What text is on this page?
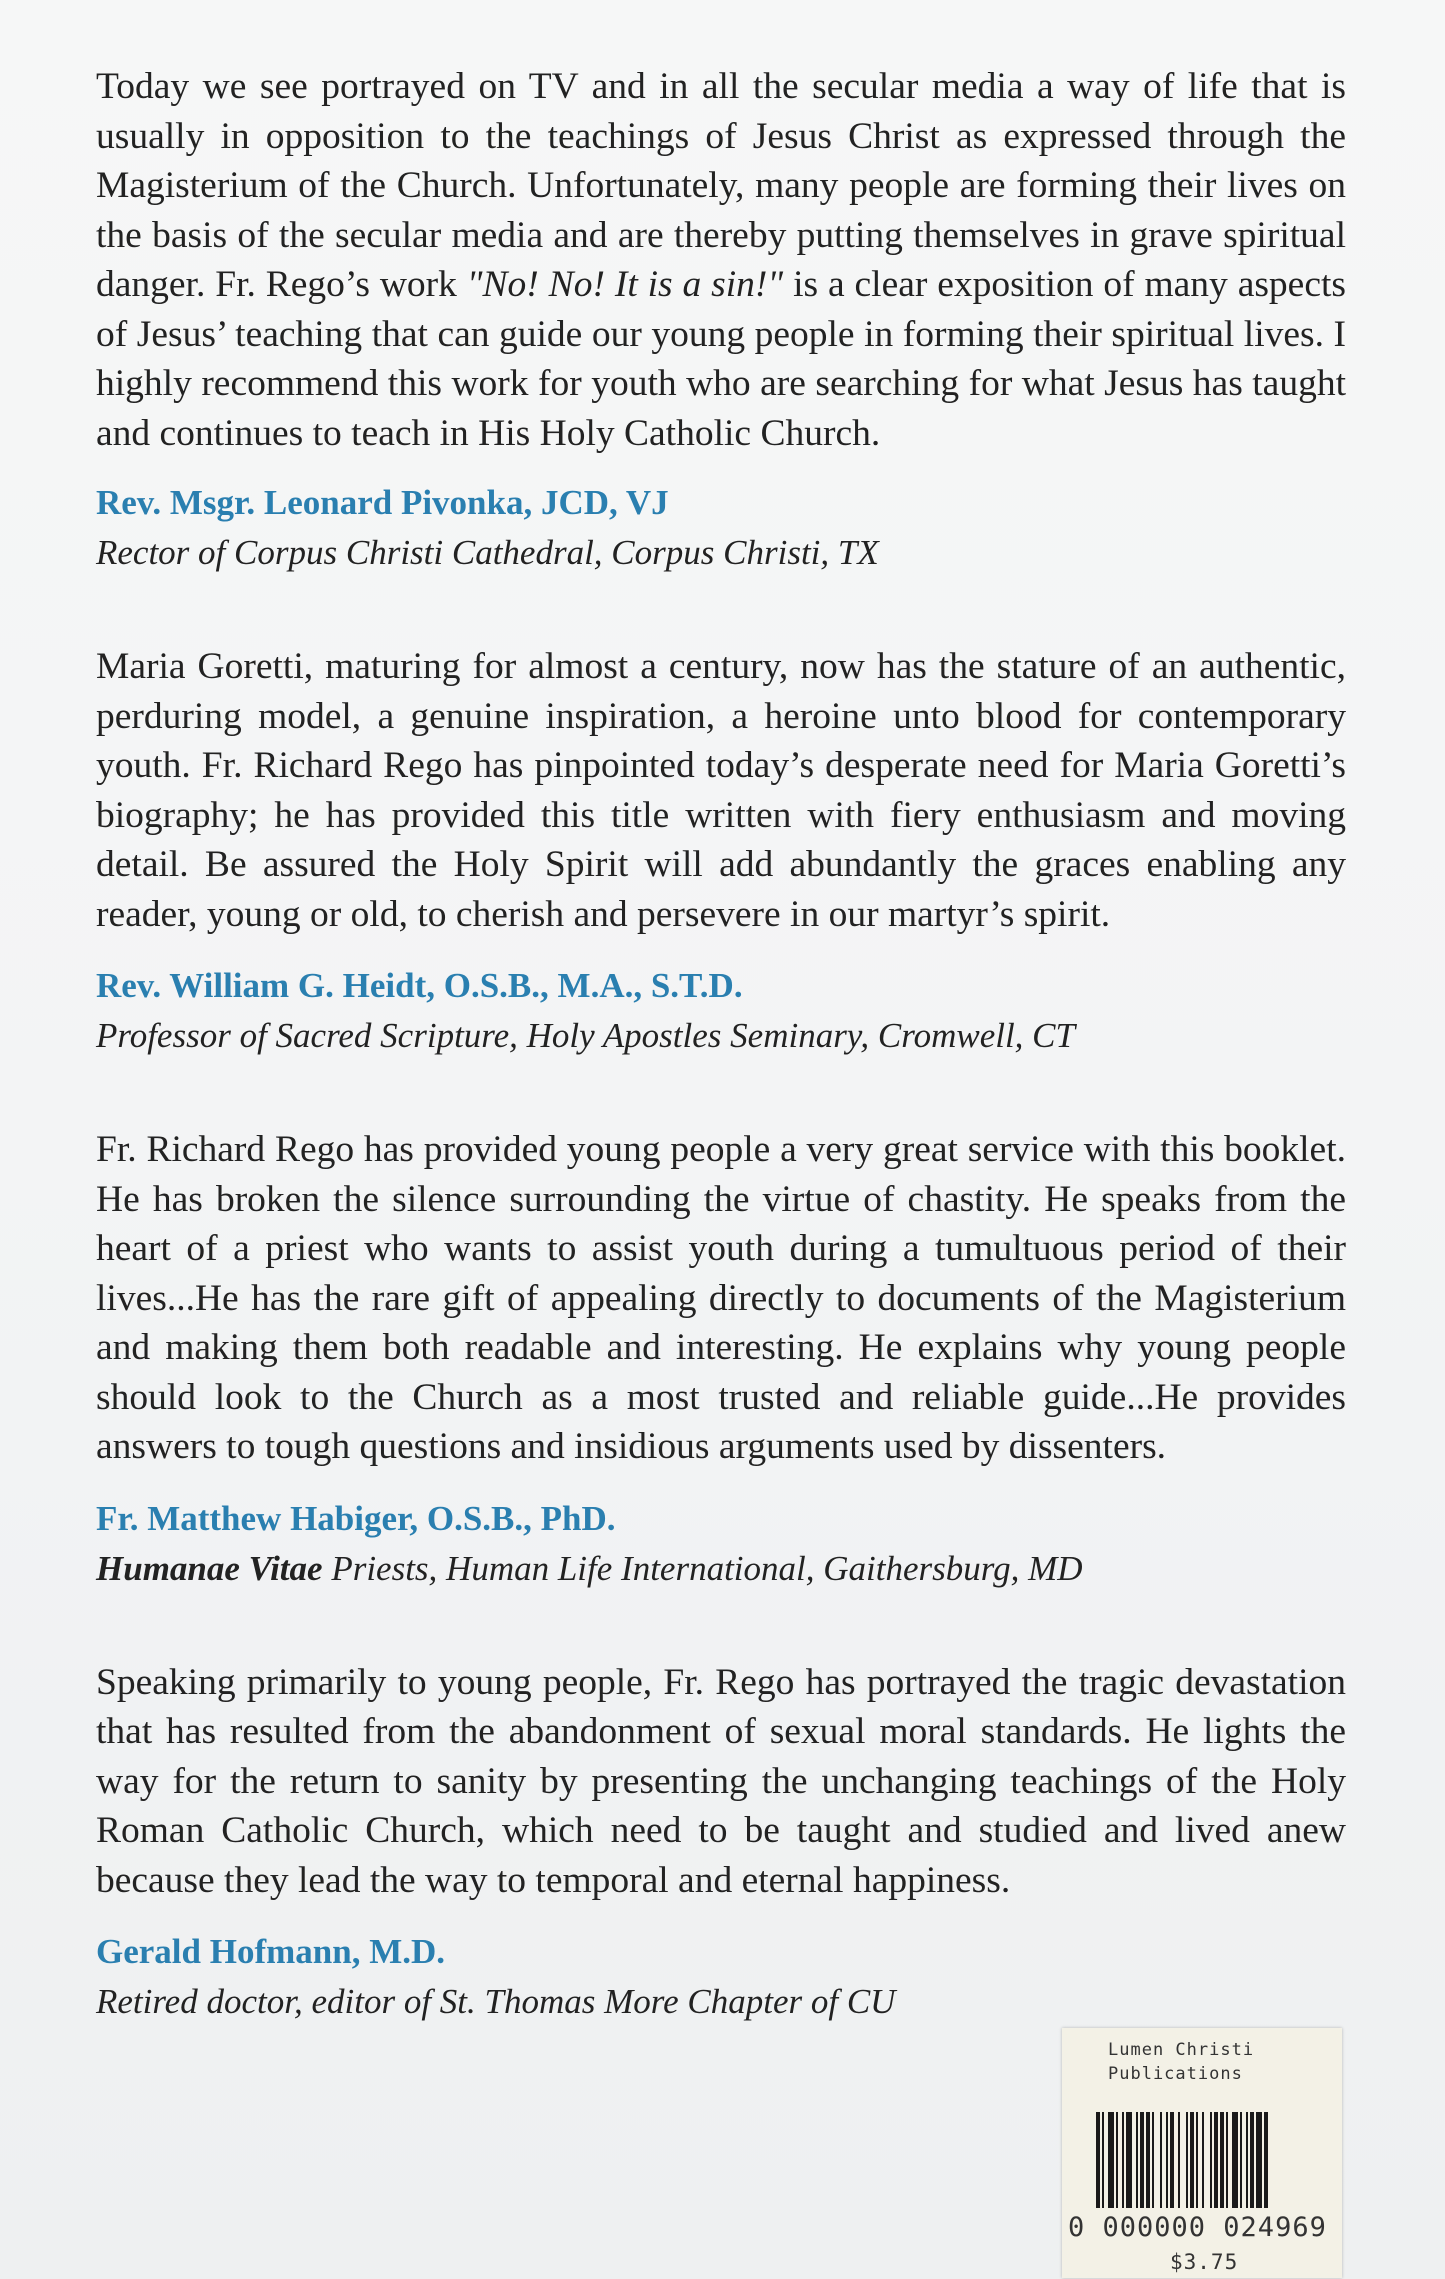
Today we see portrayed on TV and in all the secular media a way of life that is usually in opposition to the teachings of Jesus Christ as expressed through the Magisterium of the Church. Unfortunately, many people are forming their lives on the basis of the secular media and are thereby putting themselves in grave spiritual danger. Fr. Rego’s work "No! No! It is a sin!" is a clear exposition of many aspects of Jesus’ teaching that can guide our young people in forming their spiritual lives. I highly recommend this work for youth who are searching for what Jesus has taught and continues to teach in His Holy Catholic Church.

Rev. Msgr. Leonard Pivonka, JCD, VJ

Rector of Corpus Christi Cathedral, Corpus Christi, TX

Maria Goretti, maturing for almost a century, now has the stature of an authentic, perduring model, a genuine inspiration, a heroine unto blood for contemporary youth. Fr. Richard Rego has pinpointed today’s desperate need for Maria Goretti’s biography; he has provided this title written with fiery enthusiasm and moving detail. Be assured the Holy Spirit will add abundantly the graces enabling any reader, young or old, to cherish and persevere in our martyr’s spirit.

Rev. William G. Heidt, O.S.B., M.A., S.T.D.

Professor of Sacred Scripture, Holy Apostles Seminary, Cromwell, CT

Fr. Richard Rego has provided young people a very great service with this booklet. He has broken the silence surrounding the virtue of chastity. He speaks from the heart of a priest who wants to assist youth during a tumultuous period of their lives...He has the rare gift of appealing directly to documents of the Magisterium and making them both readable and interesting. He explains why young people should look to the Church as a most trusted and reliable guide...He provides answers to tough questions and insidious arguments used by dissenters.

Fr. Matthew Habiger, O.S.B., PhD.

Humanae Vitae Priests, Human Life International, Gaithersburg, MD

Speaking primarily to young people, Fr. Rego has portrayed the tragic devastation that has resulted from the abandonment of sexual moral standards. He lights the way for the return to sanity by presenting the unchanging teachings of the Holy Roman Catholic Church, which need to be taught and studied and lived anew because they lead the way to temporal and eternal happiness.

Gerald Hofmann, M.D.

Retired doctor, editor of St. Thomas More Chapter of CU

Lumen Christi
Publications
0 000000 024969
$3.75
